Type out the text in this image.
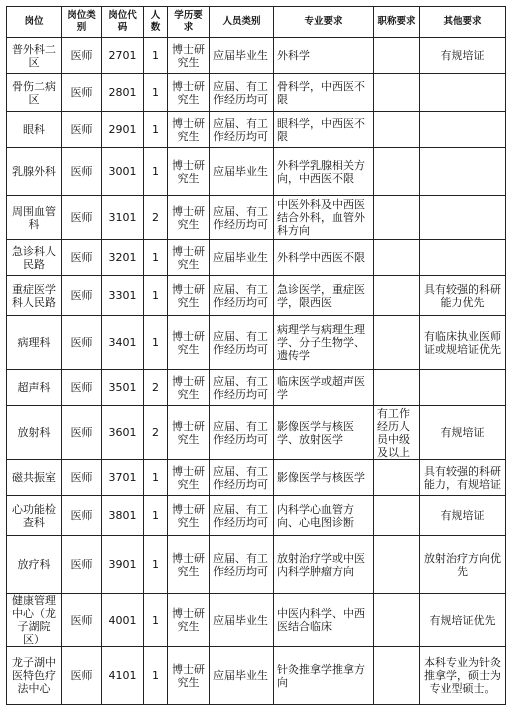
岗位	岗位类别	岗位代码	人数	学历要求	人员类别	专业要求	职称要求	其他要求
普外科二区	医师	2701	1	博士研究生	应届毕业生	外科学		有规培证
骨伤二病区	医师	2801	1	博士研究生	应届、有工作经历均可	骨科学，中西医不限		
眼科	医师	2901	1	博士研究生	应届、有工作经历均可	眼科学，中西医不限		
乳腺外科	医师	3001	1	博士研究生	应届毕业生	外科学乳腺相关方向，中西医不限		
周围血管科	医师	3101	2	博士研究生	应届、有工作经历均可	中医外科及中西医结合外科，血管外科方向		
急诊科人民路	医师	3201	1	博士研究生	应届毕业生	外科学中西医不限		
重症医学科人民路	医师	3301	1	博士研究生	应届、有工作经历均可	急诊医学，重症医学，限西医		具有较强的科研能力优先
病理科	医师	3401	1	博士研究生	应届、有工作经历均可	病理学与病理生理学、分子生物学、遗传学		有临床执业医师证或规培证优先
超声科	医师	3501	2	博士研究生	应届、有工作经历均可	临床医学或超声医学		
放射科	医师	3601	2	博士研究生	应届、有工作经历均可	影像医学与核医学、放射医学	有工作经历人员中级及以上	有规培证
磁共振室	医师	3701	1	博士研究生	应届、有工作经历均可	影像医学与核医学		具有较强的科研能力，有规培证
心功能检查科	医师	3801	1	博士研究生	应届、有工作经历均可	内科学心血管方向、心电图诊断		有规培证
放疗科	医师	3901	1	博士研究生	应届、有工作经历均可	放射治疗学或中医内科学肿瘤方向		放射治疗方向优先
健康管理中心（龙子湖院区）	医师	4001	1	博士研究生	应届毕业生	中医内科学、中西医结合临床		有规培证优先
龙子湖中医特色疗法中心	医师	4101	1	博士研究生	应届毕业生	针灸推拿学推拿方向		本科专业为针灸推拿学，硕士为专业型硕士。
